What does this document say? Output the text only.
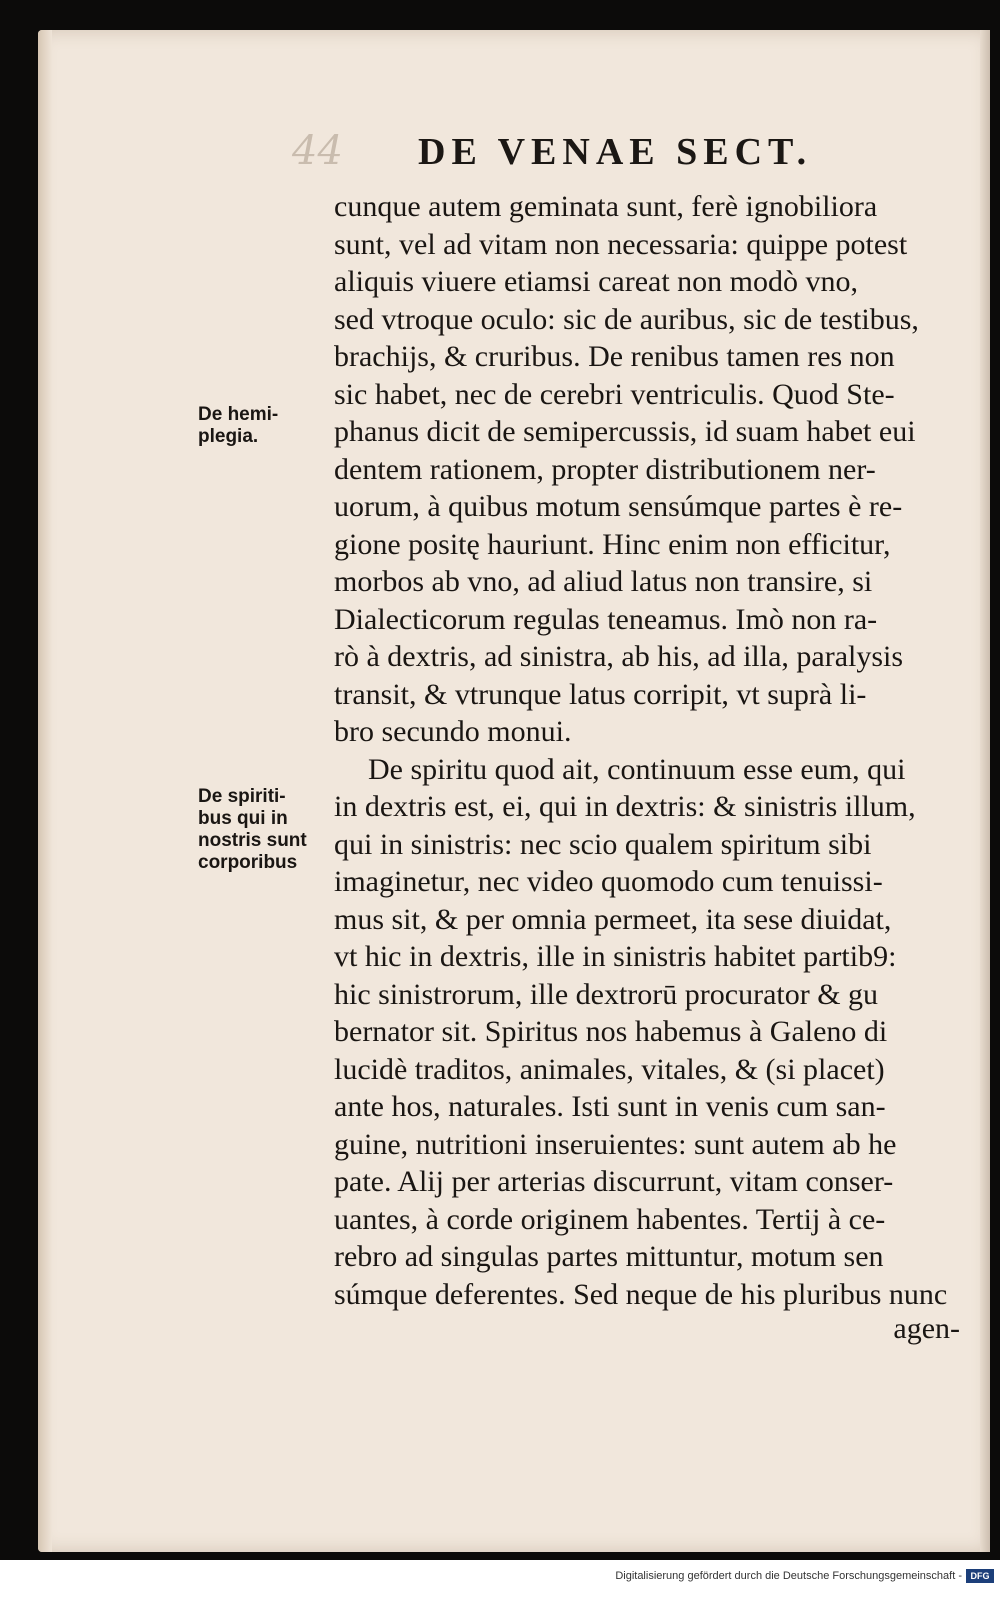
44 DE VENAE SECT.
De hemi-
plegia.
De spiriti-
bus qui in
nostris sunt
corporibus
cunque autem geminata sunt, ferè ignobiliora
sunt, vel ad vitam non necessaria: quippe potest
aliquis viuere etiamsi careat non modò vno,
sed vtroque oculo: sic de auribus, sic de testibus,
brachijs, & cruribus. De renibus tamen res non
sic habet, nec de cerebri ventriculis. Quod Ste-
phanus dicit de semipercussis, id suam habet eui
dentem rationem, propter distributionem ner-
uorum, à quibus motum sensúmque partes è re-
gione positę hauriunt. Hinc enim non efficitur,
morbos ab vno, ad aliud latus non transire, si
Dialecticorum regulas teneamus. Imò non ra-
rò à dextris, ad sinistra, ab his, ad illa, paralysis
transit, & vtrunque latus corripit, vt suprà li-
bro secundo monui.
De spiritu quod ait, continuum esse eum, qui
in dextris est, ei, qui in dextris: & sinistris illum,
qui in sinistris: nec scio qualem spiritum sibi
imaginetur, nec video quomodo cum tenuissi-
mus sit, & per omnia permeet, ita sese diuidat,
vt hic in dextris, ille in sinistris habitet partib9:
hic sinistrorum, ille dextrorū procurator & gu
bernator sit. Spiritus nos habemus à Galeno di
lucidè traditos, animales, vitales, & (si placet)
ante hos, naturales. Isti sunt in venis cum san-
guine, nutritioni inseruientes: sunt autem ab he
pate. Alij per arterias discurrunt, vitam conser-
uantes, à corde originem habentes. Tertij à ce-
rebro ad singulas partes mittuntur, motum sen
súmque deferentes. Sed neque de his pluribus nunc
agen-
Digitalisierung gefördert durch die Deutsche Forschungsgemeinschaft - DFG
